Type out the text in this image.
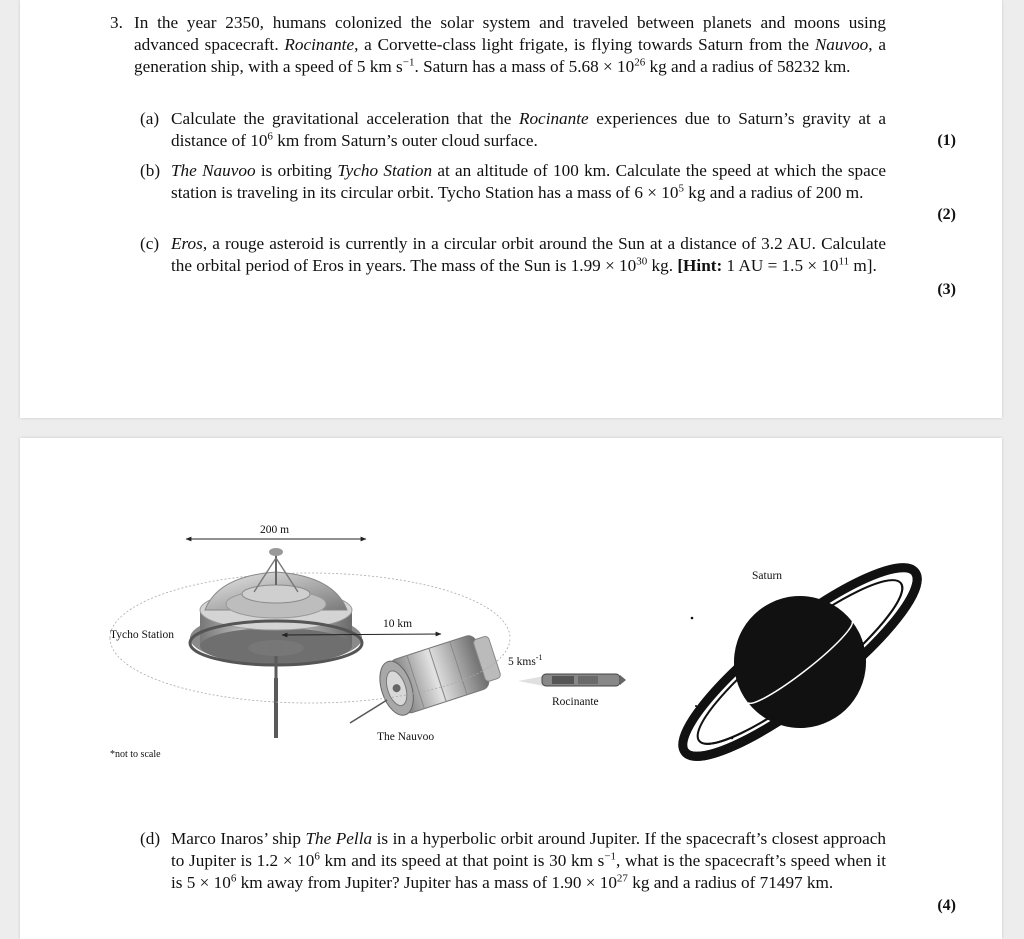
3. In the year 2350, humans colonized the solar system and traveled between planets and moons using advanced spacecraft. Rocinante, a Corvette-class light frigate, is flying towards Saturn from the Nauvoo, a generation ship, with a speed of 5 km $s^{-1}$. Saturn has a mass of $5.68 \times 10^{26}$ kg and a radius of 58232 km.

(a) Calculate the gravitational acceleration that the Rocinante experiences due to Saturn’s gravity at a distance of $10^6$ km from Saturn’s outer cloud surface.	(1)
(b) The Nauvoo is orbiting Tycho Station at an altitude of 100 km. Calculate the speed at which the space station is traveling in its circular orbit. Tycho Station has a mass of $6 \times 10^5$ kg and a radius of 200 m.

(2)
(c) Eros, a rouge asteroid is currently in a circular orbit around the Sun at a distance of 3.2 AU. Calculate the orbital period of Eros in years. The mass of the Sun is $1.99 \times 10^{30}$ kg. [Hint: 1 AU = $1.5 \times 10^{11}$ m].

(3)
200 m
Tycho Station
10 km
The Nauvoo
5 kms$^{-1}$
Rocinante
Saturn
*not to scale
(d) Marco Inaros’ ship The Pella is in a hyperbolic orbit around Jupiter. If the spacecraft’s closest approach to Jupiter is $1.2 \times 10^6$ km and its speed at that point is 30 km $s^{-1}$, what is the spacecraft’s speed when it is $5 \times 10^6$ km away from Jupiter? Jupiter has a mass of $1.90 \times 10^{27}$ kg and a radius of 71497 km.

(4)
